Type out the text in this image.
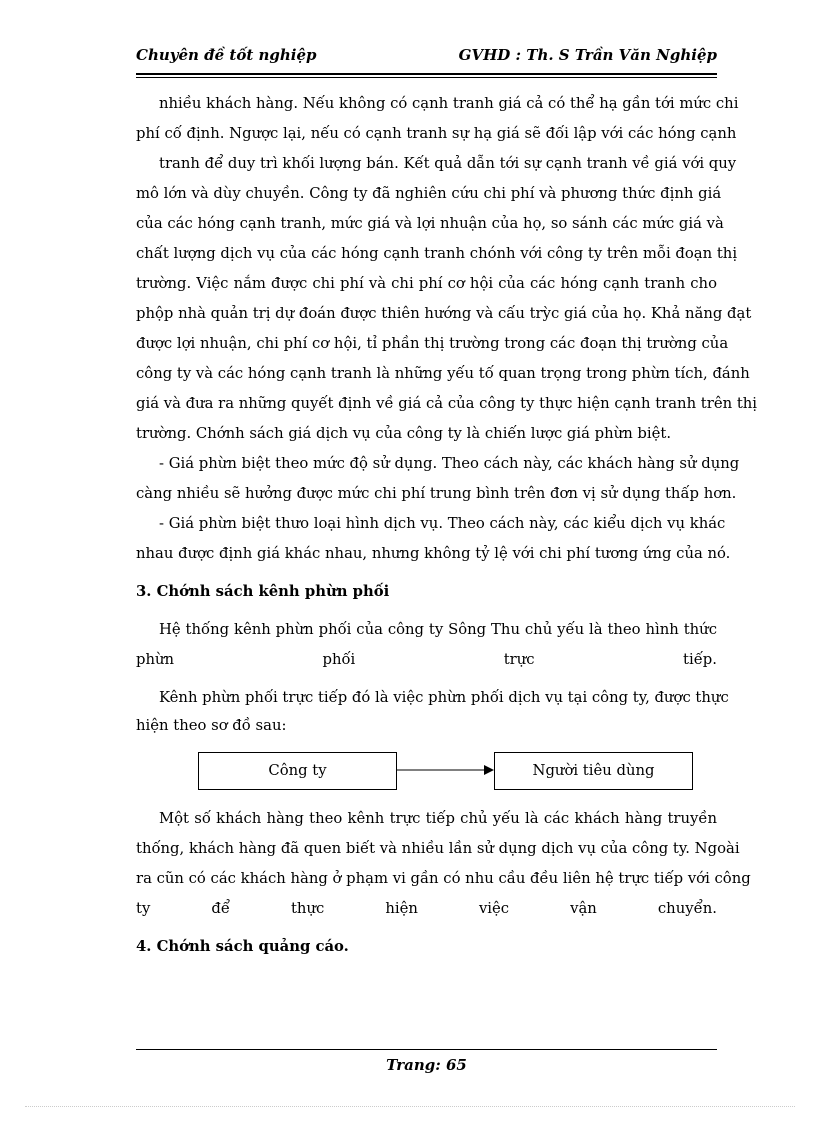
Chuyên đề tốt nghiệp	GVHD : Th. S Trần Văn Nghiệp
nhiều khách hàng. Nếu không có cạnh tranh giá cả có thể hạ gần tới mức chi
phí cố định. Ngược lại, nếu có cạnh tranh sự hạ giá sẽ đối lập với các hóng cạnh
tranh để duy trì khối lượng bán. Kết quả dẫn tới sự cạnh tranh về giá với quy
mô lớn và dùy chuyền. Công ty đã nghiên cứu chi phí và phương thức định giá
của các hóng cạnh tranh, mức giá và lợi nhuận của họ, so sánh các mức giá và
chất lượng dịch vụ của các hóng cạnh tranh chónh với công ty trên mỗi đoạn thị
trường. Việc nắm được chi phí và chi phí cơ hội của các hóng cạnh tranh cho
phộp nhà quản trị dự đoán được thiên hướng và cấu trỳc giá của họ. Khả năng đạt
được lợi nhuận, chi phí cơ hội, tỉ phần thị trường trong các đoạn thị trường của
công ty và các hóng cạnh tranh là những yếu tố quan trọng trong phừn tích, đánh
giá và đưa ra những quyết định về giá cả của công ty thực hiện cạnh tranh trên thị
trường. Chớnh sách giá dịch vụ của công ty là chiến lược giá phừn biệt.
- Giá phừn biệt theo mức độ sử dụng. Theo cách này, các khách hàng sử dụng
càng nhiều sẽ hưởng được mức chi phí trung bình trên đơn vị sử dụng thấp hơn.
- Giá phừn biệt thưo loại hình dịch vụ. Theo cách này, các kiểu dịch vụ khác
nhau được định giá khác nhau, nhưng không tỷ lệ với chi phí tương ứng của nó.
3. Chớnh sách kênh phừn phối
Hệ thống kênh phừn phối của công ty Sông Thu chủ yếu là theo hình thức
phừn	phối	trực	tiếp.
Kênh phừn phối trực tiếp đó là việc phừn phối dịch vụ tại công ty, được thực
hiện theo sơ đồ sau:
Công ty	Người tiêu dùng
Một số khách hàng theo kênh trực tiếp chủ yếu là các khách hàng truyền
thống, khách hàng đã quen biết và nhiều lần sử dụng dịch vụ của công ty. Ngoài
ra cũn có các khách hàng ở phạm vi gần có nhu cầu đều liên hệ trực tiếp với công
ty	để	thực	hiện	việc	vận	chuyển.
4. Chớnh sách quảng cáo.
Trang: 65
